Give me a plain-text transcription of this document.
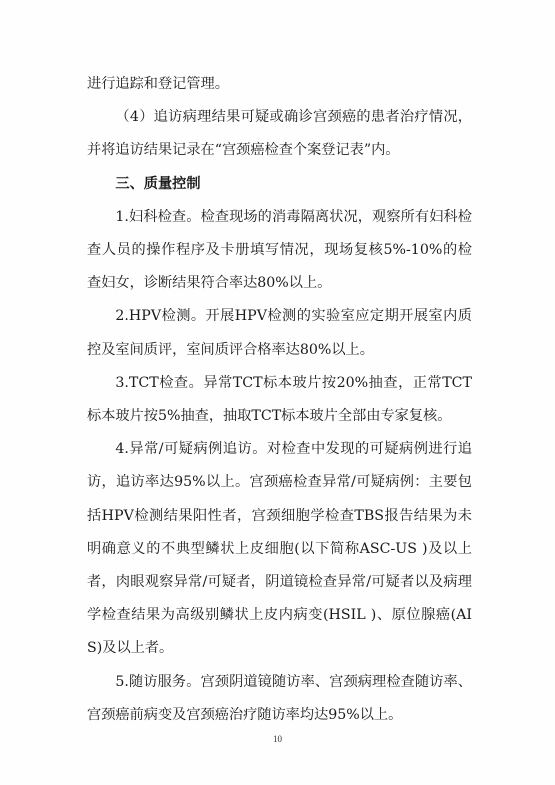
进行追踪和登记管理。

（4）追访病理结果可疑或确诊宫颈癌的患者治疗情况，并将追访结果记录在“宫颈癌检查个案登记表”内。

三、质量控制

1.妇科检查。检查现场的消毒隔离状况，观察所有妇科检查人员的操作程序及卡册填写情况，现场复核5%-10%的检查妇女，诊断结果符合率达80%以上。

2.HPV检测。开展HPV检测的实验室应定期开展室内质控及室间质评，室间质评合格率达80%以上。

3.TCT检查。异常TCT标本玻片按20%抽查，正常TCT标本玻片按5%抽查，抽取TCT标本玻片全部由专家复核。

4.异常/可疑病例追访。对检查中发现的可疑病例进行追访，追访率达95%以上。宫颈癌检查异常/可疑病例：主要包括HPV检测结果阳性者，宫颈细胞学检查TBS报告结果为未明确意义的不典型鳞状上皮细胞(以下简称ASC-US )及以上者，肉眼观察异常/可疑者，阴道镜检查异常/可疑者以及病理学检查结果为高级别鳞状上皮内病变(HSIL )、原位腺癌(AIS)及以上者。

5.随访服务。宫颈阴道镜随访率、宫颈病理检查随访率、宫颈癌前病变及宫颈癌治疗随访率均达95%以上。

10
